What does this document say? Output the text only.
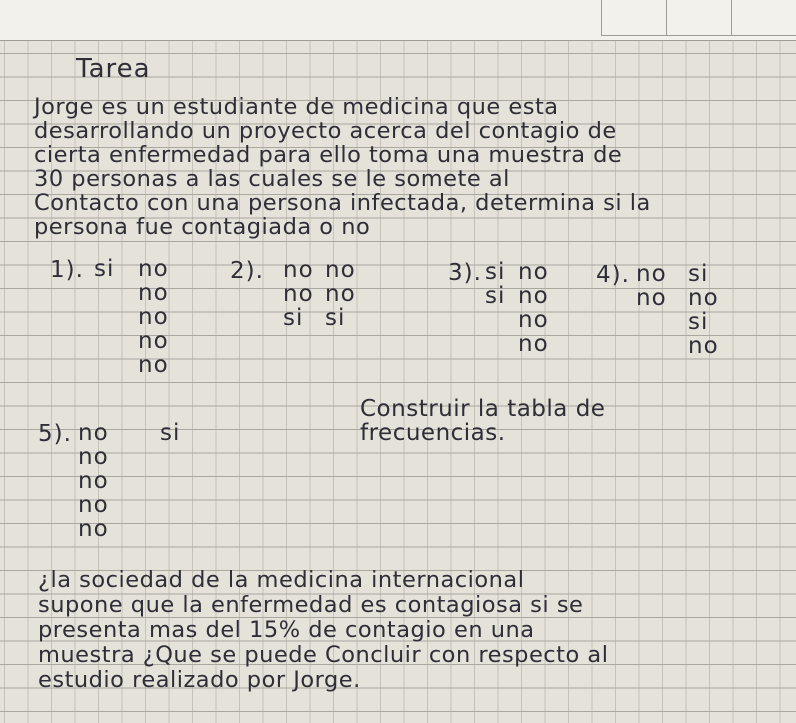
Tarea
Jorge es un estudiante de medicina que esta
desarrollando un proyecto acerca del contagio de
cierta enfermedad para ello toma una muestra de
30 personas a las cuales se le somete al
Contacto con una persona infectada, determina si la
persona fue contagiada o no
1). si no
no
no
no
no
2). no
no
si
no
no
si
3). si
si
no
no
no
no
4). no
no
si
no
si
no
Construir la tabla de
frecuencias.
5). no
no
no
no
no
si
¿la sociedad de la medicina internacional
supone que la enfermedad es contagiosa si se
presenta mas del 15% de contagio en una
muestra ¿Que se puede Concluir con respecto al
estudio realizado por Jorge.
